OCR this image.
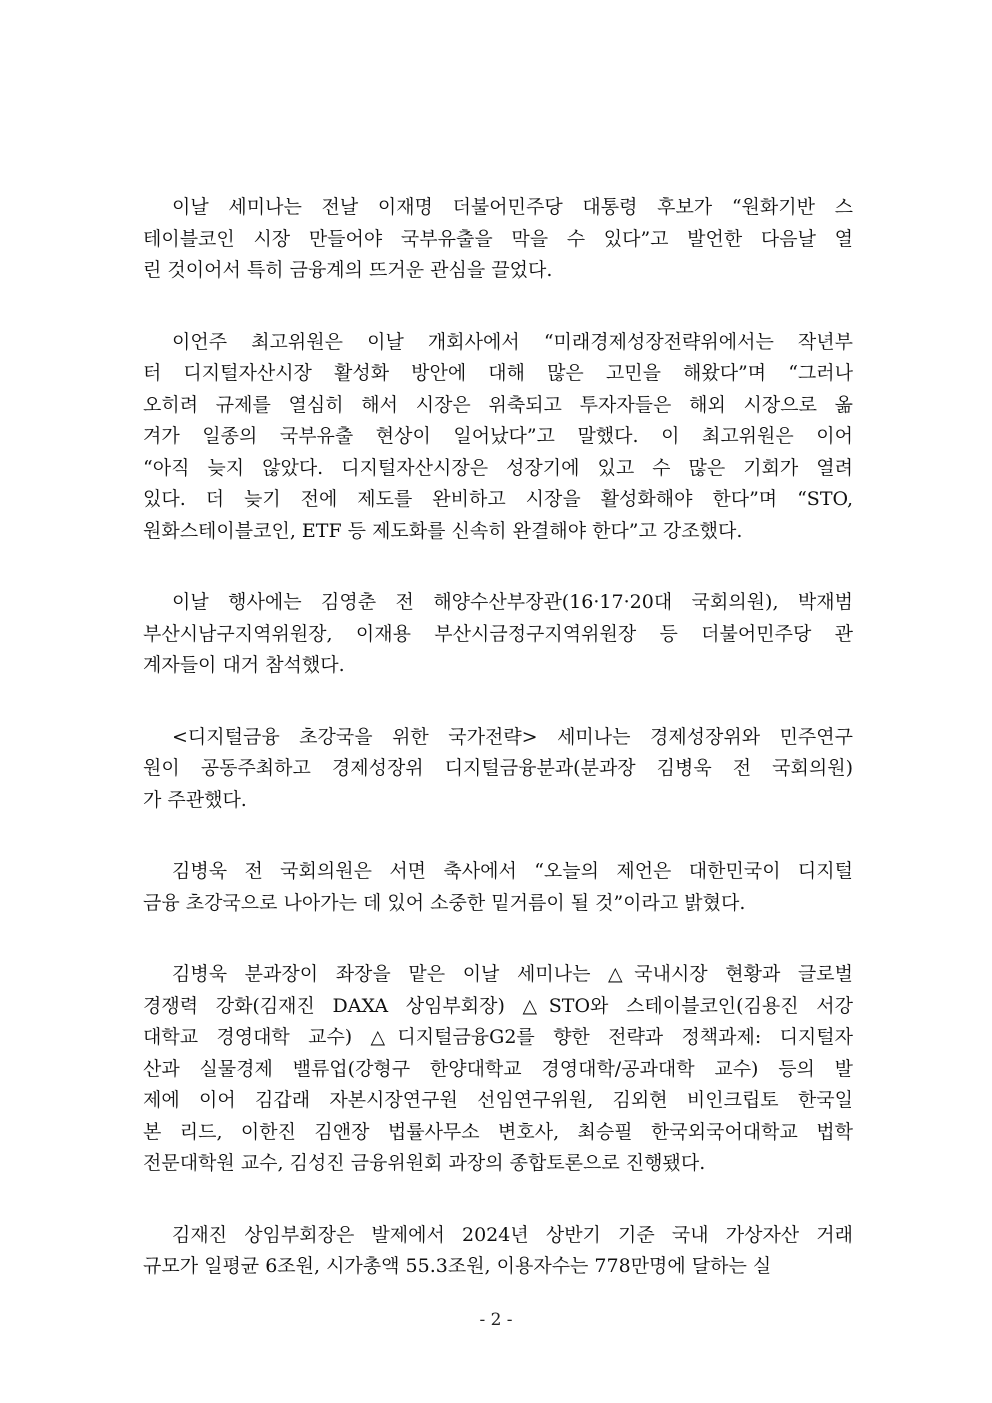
이날 세미나는 전날 이재명 더불어민주당 대통령 후보가 “원화기반 스
테이블코인 시장 만들어야 국부유출을 막을 수 있다”고 발언한 다음날 열
린 것이어서 특히 금융계의 뜨거운 관심을 끌었다.
이언주 최고위원은 이날 개회사에서 “미래경제성장전략위에서는 작년부
터 디지털자산시장 활성화 방안에 대해 많은 고민을 해왔다”며 “그러나
오히려 규제를 열심히 해서 시장은 위축되고 투자자들은 해외 시장으로 옮
겨가 일종의 국부유출 현상이 일어났다”고 말했다. 이 최고위원은 이어
“아직 늦지 않았다. 디지털자산시장은 성장기에 있고 수 많은 기회가 열려
있다. 더 늦기 전에 제도를 완비하고 시장을 활성화해야 한다”며 “STO,
원화스테이블코인, ETF 등 제도화를 신속히 완결해야 한다”고 강조했다.
이날 행사에는 김영춘 전 해양수산부장관(16·17·20대 국회의원), 박재범
부산시남구지역위원장, 이재용 부산시금정구지역위원장 등 더불어민주당 관
계자들이 대거 참석했다.
<디지털금융 초강국을 위한 국가전략> 세미나는 경제성장위와 민주연구
원이 공동주최하고 경제성장위 디지털금융분과(분과장 김병욱 전 국회의원)
가 주관했다.
김병욱 전 국회의원은 서면 축사에서 “오늘의 제언은 대한민국이 디지털
금융 초강국으로 나아가는 데 있어 소중한 밑거름이 될 것”이라고 밝혔다.
김병욱 분과장이 좌장을 맡은 이날 세미나는 △국내시장 현황과 글로벌
경쟁력 강화(김재진 DAXA 상임부회장) △STO와 스테이블코인(김용진 서강
대학교 경영대학 교수) △디지털금융G2를 향한 전략과 정책과제: 디지털자
산과 실물경제 밸류업(강형구 한양대학교 경영대학/공과대학 교수) 등의 발
제에 이어 김갑래 자본시장연구원 선임연구위원, 김외현 비인크립토 한국일
본 리드, 이한진 김앤장 법률사무소 변호사, 최승필 한국외국어대학교 법학
전문대학원 교수, 김성진 금융위원회 과장의 종합토론으로 진행됐다.
김재진 상임부회장은 발제에서 2024년 상반기 기준 국내 가상자산 거래
규모가 일평균 6조원, 시가총액 55.3조원, 이용자수는 778만명에 달하는 실
- 2 -
